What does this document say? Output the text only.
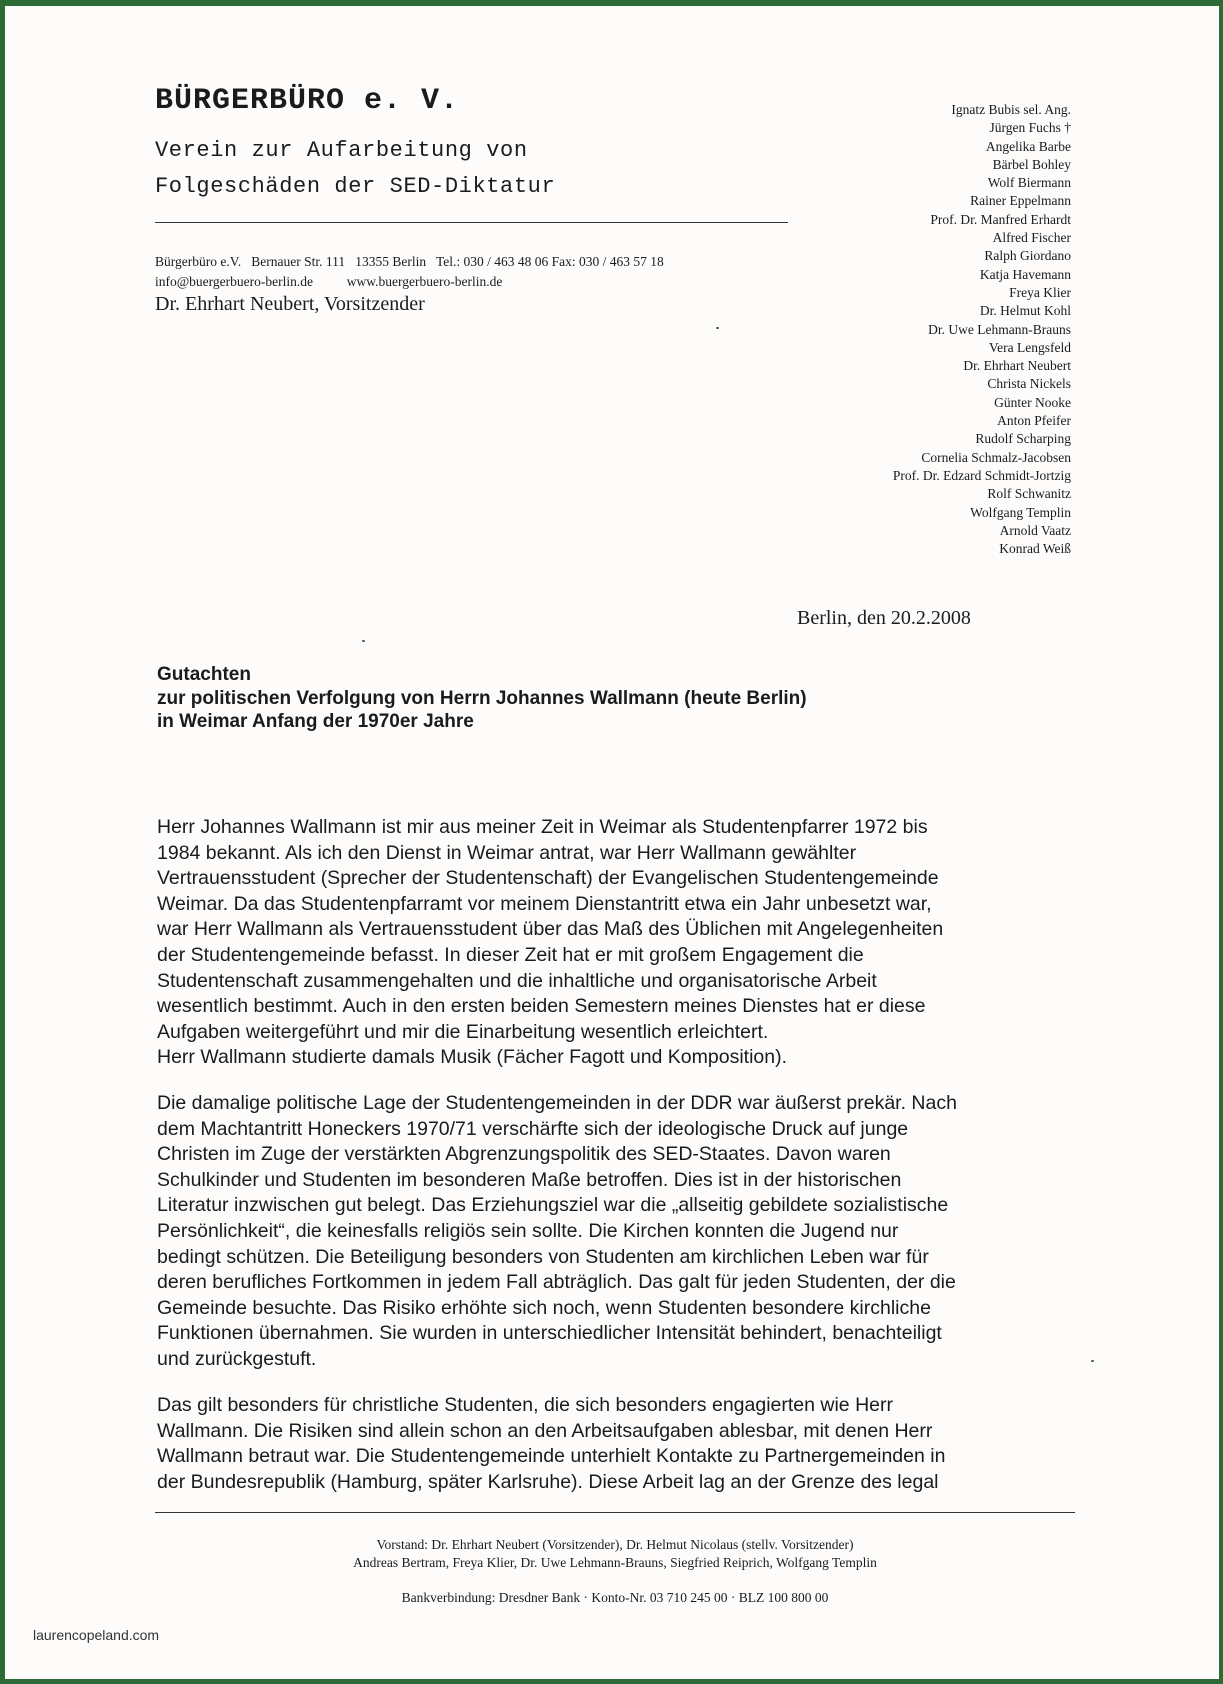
BÜRGERBÜRO e. V.

Verein zur Aufarbeitung von

Folgeschäden der SED-Diktatur

Bürgerbüro e.V.   Bernauer Str. 111   13355 Berlin   Tel.: 030 / 463 48 06 Fax: 030 / 463 57 18
info@buergerbuero-berlin.de          www.buergerbuero-berlin.de
Dr. Ehrhart Neubert, Vorsitzender
Ignatz Bubis sel. Ang.
Jürgen Fuchs †
Angelika Barbe
Bärbel Bohley
Wolf Biermann
Rainer Eppelmann
Prof. Dr. Manfred Erhardt
Alfred Fischer
Ralph Giordano
Katja Havemann
Freya Klier
Dr. Helmut Kohl
Dr. Uwe Lehmann-Brauns
Vera Lengsfeld
Dr. Ehrhart Neubert
Christa Nickels
Günter Nooke
Anton Pfeifer
Rudolf Scharping
Cornelia Schmalz-Jacobsen
Prof. Dr. Edzard Schmidt-Jortzig
Rolf Schwanitz
Wolfgang Templin
Arnold Vaatz
Konrad Weiß
Berlin, den 20.2.2008
Gutachten
zur politischen Verfolgung von Herrn Johannes Wallmann (heute Berlin)
in Weimar Anfang der 1970er Jahre

Herr Johannes Wallmann ist mir aus meiner Zeit in Weimar als Studentenpfarrer 1972 bis
1984 bekannt. Als ich den Dienst in Weimar antrat, war Herr Wallmann gewählter
Vertrauensstudent (Sprecher der Studentenschaft) der Evangelischen Studentengemeinde
Weimar. Da das Studentenpfarramt vor meinem Dienstantritt etwa ein Jahr unbesetzt war,
war Herr Wallmann als Vertrauensstudent über das Maß des Üblichen mit Angelegenheiten
der Studentengemeinde befasst. In dieser Zeit hat er mit großem Engagement die
Studentenschaft zusammengehalten und die inhaltliche und organisatorische Arbeit
wesentlich bestimmt. Auch in den ersten beiden Semestern meines Dienstes hat er diese
Aufgaben weitergeführt und mir die Einarbeitung wesentlich erleichtert.
Herr Wallmann studierte damals Musik (Fächer Fagott und Komposition).

Die damalige politische Lage der Studentengemeinden in der DDR war äußerst prekär. Nach
dem Machtantritt Honeckers 1970/71 verschärfte sich der ideologische Druck auf junge
Christen im Zuge der verstärkten Abgrenzungspolitik des SED-Staates. Davon waren
Schulkinder und Studenten im besonderen Maße betroffen. Dies ist in der historischen
Literatur inzwischen gut belegt. Das Erziehungsziel war die „allseitig gebildete sozialistische
Persönlichkeit“, die keinesfalls religiös sein sollte. Die Kirchen konnten die Jugend nur
bedingt schützen. Die Beteiligung besonders von Studenten am kirchlichen Leben war für
deren berufliches Fortkommen in jedem Fall abträglich. Das galt für jeden Studenten, der die
Gemeinde besuchte. Das Risiko erhöhte sich noch, wenn Studenten besondere kirchliche
Funktionen übernahmen. Sie wurden in unterschiedlicher Intensität behindert, benachteiligt
und zurückgestuft.

Das gilt besonders für christliche Studenten, die sich besonders engagierten wie Herr
Wallmann. Die Risiken sind allein schon an den Arbeitsaufgaben ablesbar, mit denen Herr
Wallmann betraut war. Die Studentengemeinde unterhielt Kontakte zu Partnergemeinden in
der Bundesrepublik (Hamburg, später Karlsruhe). Diese Arbeit lag an der Grenze des legal

Vorstand: Dr. Ehrhart Neubert (Vorsitzender), Dr. Helmut Nicolaus (stellv. Vorsitzender)
Andreas Bertram, Freya Klier, Dr. Uwe Lehmann-Brauns, Siegfried Reiprich, Wolfgang Templin
Bankverbindung: Dresdner Bank · Konto-Nr. 03 710 245 00 · BLZ 100 800 00
laurencopeland.com
